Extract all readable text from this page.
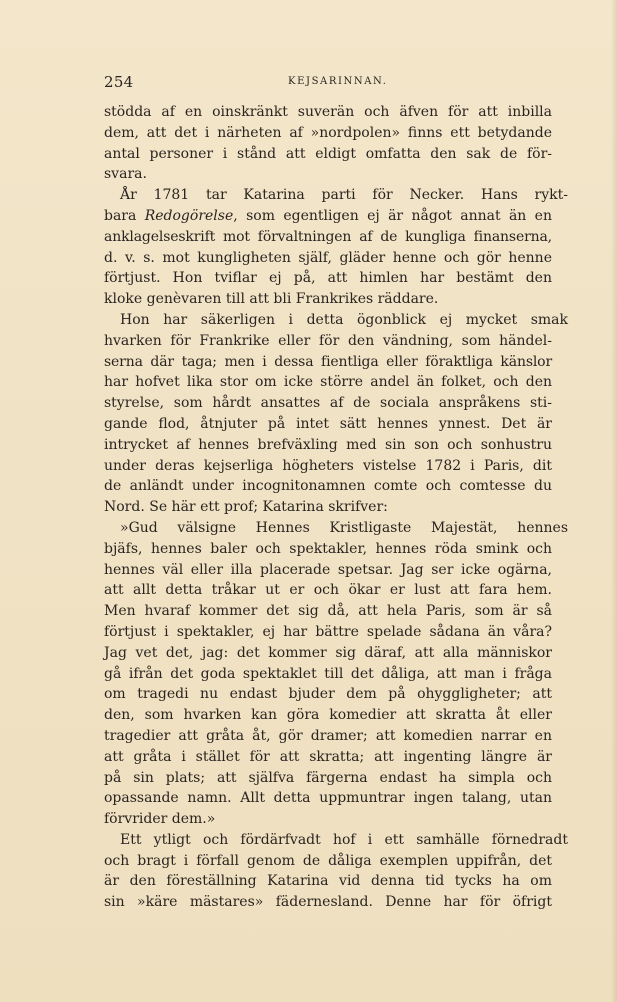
254	KEJSARINNAN.
stödda af en oinskränkt suverän och äfven för att inbilla
dem, att det i närheten af »nordpolen» finns ett betydande
antal personer i stånd att eldigt omfatta den sak de för-
svara.
År 1781 tar Katarina parti för Necker. Hans rykt-
bara Redogörelse, som egentligen ej är något annat än en
anklagelseskrift mot förvaltningen af de kungliga finanserna,
d. v. s. mot kungligheten själf, gläder henne och gör henne
förtjust. Hon tviflar ej på, att himlen har bestämt den
kloke genèvaren till att bli Frankrikes räddare.
Hon har säkerligen i detta ögonblick ej mycket smak
hvarken för Frankrike eller för den vändning, som händel-
serna där taga; men i dessa fientliga eller föraktliga känslor
har hofvet lika stor om icke större andel än folket, och den
styrelse, som hårdt ansattes af de sociala anspråkens sti-
gande flod, åtnjuter på intet sätt hennes ynnest. Det är
intrycket af hennes brefväxling med sin son och sonhustru
under deras kejserliga högheters vistelse 1782 i Paris, dit
de anländt under incognitonamnen comte och comtesse du
Nord. Se här ett prof; Katarina skrifver:
»Gud välsigne Hennes Kristligaste Majestät, hennes
bjäfs, hennes baler och spektakler, hennes röda smink och
hennes väl eller illa placerade spetsar. Jag ser icke ogärna,
att allt detta tråkar ut er och ökar er lust att fara hem.
Men hvaraf kommer det sig då, att hela Paris, som är så
förtjust i spektakler, ej har bättre spelade sådana än våra?
Jag vet det, jag: det kommer sig däraf, att alla människor
gå ifrån det goda spektaklet till det dåliga, att man i fråga
om tragedi nu endast bjuder dem på ohyggligheter; att
den, som hvarken kan göra komedier att skratta åt eller
tragedier att gråta åt, gör dramer; att komedien narrar en
att gråta i stället för att skratta; att ingenting längre är
på sin plats; att själfva färgerna endast ha simpla och
opassande namn. Allt detta uppmuntrar ingen talang, utan
förvrider dem.»
Ett ytligt och fördärfvadt hof i ett samhälle förnedradt
och bragt i förfall genom de dåliga exemplen uppifrån, det
är den föreställning Katarina vid denna tid tycks ha om
sin »käre mästares» fädernesland. Denne har för öfrigt
